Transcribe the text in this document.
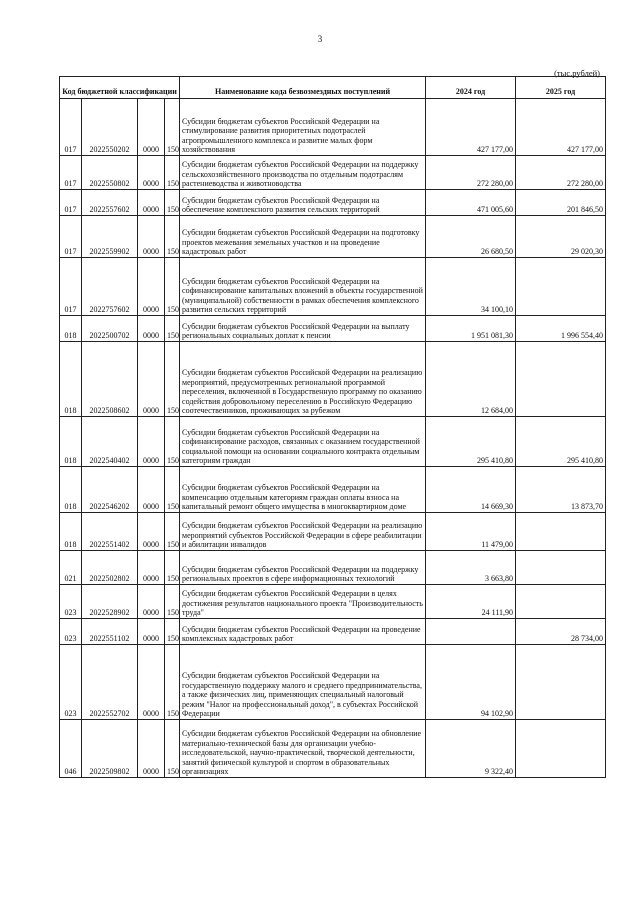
3
(тыс.рублей)
Код бюджетной классификации				Наименование кода безвозмездных поступлений	2024 год	2025 год
017	2022550202	0000	150	Субсидии бюджетам субъектов Российской Федерации на стимулирование развития приоритетных подотраслей агропромышленного комплекса и развитие малых форм хозяйствования	427 177,00	427 177,00
017	2022550802	0000	150	Субсидии бюджетам субъектов Российской Федерации на поддержку сельскохозяйственного производства по отдельным подотраслям растениеводства и животноводства	272 280,00	272 280,00
017	2022557602	0000	150	Субсидии бюджетам субъектов Российской Федерации на обеспечение комплексного развития сельских территорий	471 005,60	201 846,50
017	2022559902	0000	150	Субсидии бюджетам субъектов Российской Федерации на подготовку проектов межевания земельных участков и на проведение кадастровых работ	26 680,50	29 020,30
017	2022757602	0000	150	Субсидии бюджетам субъектов Российской Федерации на софинансирование капитальных вложений в объекты государственной (муниципальной) собственности в рамках обеспечения комплексного развития сельских территорий	34 100,10	
018	2022500702	0000	150	Субсидии бюджетам субъектов Российской Федерации на выплату региональных социальных доплат к пенсии	1 951 081,30	1 996 554,40
018	2022508602	0000	150	Субсидии бюджетам субъектов Российской Федерации на реализацию мероприятий, предусмотренных региональной программой переселения, включенной в Государственную программу по оказанию содействия добровольному переселению в Российскую Федерацию соотечественников, проживающих за рубежом	12 684,00	
018	2022540402	0000	150	Субсидии бюджетам субъектов Российской Федерации на софинансирование расходов, связанных с оказанием государственной социальной помощи на основании социального контракта отдельным категориям граждан	295 410,80	295 410,80
018	2022546202	0000	150	Субсидии бюджетам субъектов Российской Федерации на компенсацию отдельным категориям граждан оплаты взноса на капитальный ремонт общего имущества в многоквартирном доме	14 669,30	13 873,70
018	2022551402	0000	150	Субсидии бюджетам субъектов Российской Федерации на реализацию мероприятий субъектов Российской Федерации в сфере реабилитации и абилитации инвалидов	11 479,00	
021	2022502802	0000	150	Субсидии бюджетам субъектов Российской Федерации на поддержку региональных проектов в сфере информационных технологий	3 663,80	
023	2022528902	0000	150	Субсидии бюджетам субъектов Российской Федерации в целях достижения результатов национального проекта "Производительность труда"	24 111,90	
023	2022551102	0000	150	Субсидии бюджетам субъектов Российской Федерации на проведение комплексных кадастровых работ		28 734,00
023	2022552702	0000	150	Субсидии бюджетам субъектов Российской Федерации на государственную поддержку малого и среднего предпринимательства, а также физических лиц, применяющих специальный налоговый режим "Налог на профессиональный доход", в субъектах Российской Федерации	94 102,90	
046	2022509802	0000	150	Субсидии бюджетам субъектов Российской Федерации на обновление материально-технической базы для организации учебно-исследовательской, научно-практической, творческой деятельности, занятий физической культурой и спортом в образовательных организациях	9 322,40	
